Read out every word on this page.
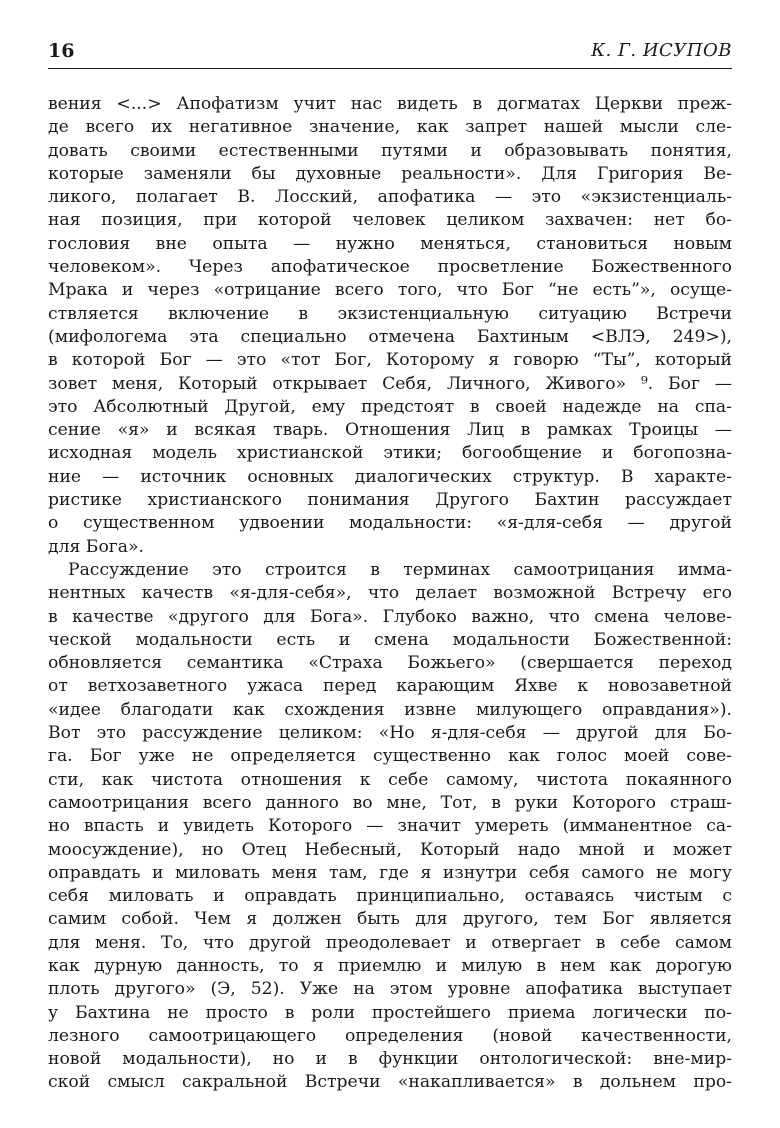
16	К. Г. ИСУПОВ
вения <...> Апофатизм учит нас видеть в догматах Церкви преж-
де всего их негативное значение, как запрет нашей мысли сле-
довать своими естественными путями и образовывать понятия,
которые заменяли бы духовные реальности». Для Григория Ве-
ликого, полагает В. Лосский, апофатика — это «экзистенциаль-
ная позиция, при которой человек целиком захвачен: нет бо-
гословия вне опыта — нужно меняться, становиться новым
человеком». Через апофатическое просветление Божественного
Мрака и через «отрицание всего того, что Бог “не есть”», осуще-
ствляется включение в экзистенциальную ситуацию Встречи
(мифологема эта специально отмечена Бахтиным <ВЛЭ, 249>),
в которой Бог — это «тот Бог, Которому я говорю “Ты”, который
зовет меня, Который открывает Себя, Личного, Живого» ⁹. Бог —
это Абсолютный Другой, ему предстоят в своей надежде на спа-
сение «я» и всякая тварь. Отношения Лиц в рамках Троицы —
исходная модель христианской этики; богообщение и богопозна-
ние — источник основных диалогических структур. В характе-
ристике христианского понимания Другого Бахтин рассуждает
о существенном удвоении модальности: «я-для-себя — другой
для Бога».
Рассуждение это строится в терминах самоотрицания имма-
нентных качеств «я-для-себя», что делает возможной Встречу его
в качестве «другого для Бога». Глубоко важно, что смена челове-
ческой модальности есть и смена модальности Божественной:
обновляется семантика «Страха Божьего» (свершается переход
от ветхозаветного ужаса перед карающим Яхве к новозаветной
«идее благодати как схождения извне милующего оправдания»).
Вот это рассуждение целиком: «Но я-для-себя — другой для Бо-
га. Бог уже не определяется существенно как голос моей сове-
сти, как чистота отношения к себе самому, чистота покаянного
самоотрицания всего данного во мне, Тот, в руки Которого страш-
но впасть и увидеть Которого — значит умереть (имманентное са-
моосуждение), но Отец Небесный, Который надо мной и может
оправдать и миловать меня там, где я изнутри себя самого не могу
себя миловать и оправдать принципиально, оставаясь чистым с
самим собой. Чем я должен быть для другого, тем Бог является
для меня. То, что другой преодолевает и отвергает в себе самом
как дурную данность, то я приемлю и милую в нем как дорогую
плоть другого» (Э, 52). Уже на этом уровне апофатика выступает
у Бахтина не просто в роли простейшего приема логически по-
лезного самоотрицающего определения (новой качественности,
новой модальности), но и в функции онтологической: вне-мир-
ской смысл сакральной Встречи «накапливается» в дольнем про-
